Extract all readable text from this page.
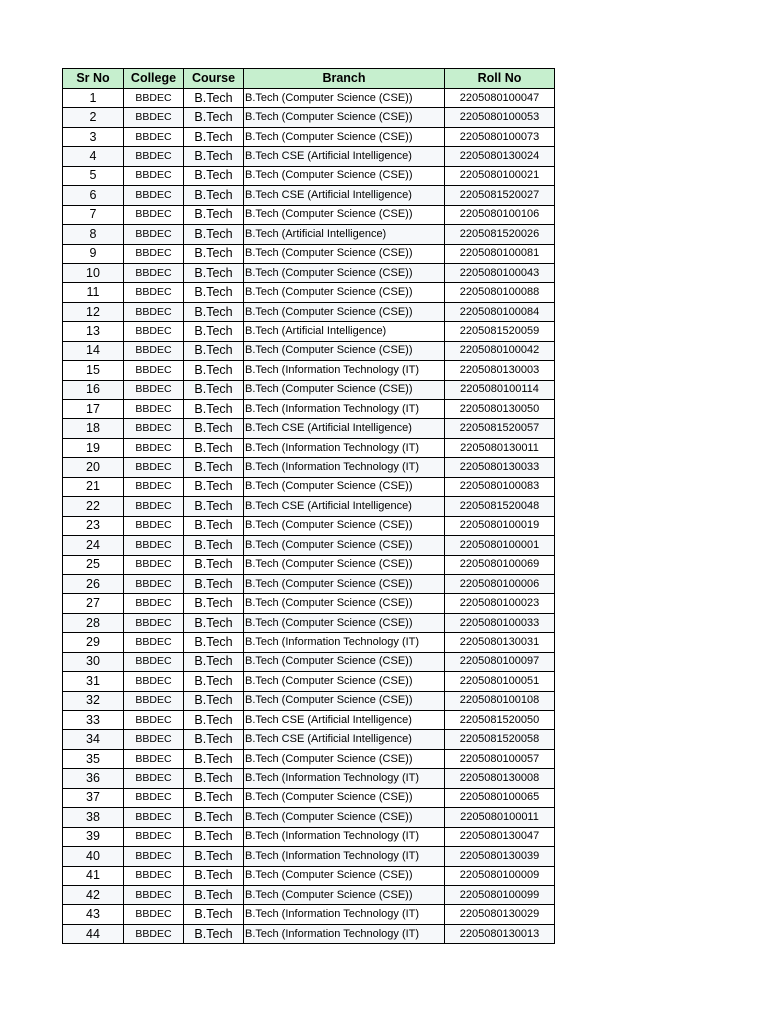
Sr No	College	Course	Branch	Roll No
1	BBDEC	B.Tech	B.Tech (Computer Science (CSE))	2205080100047
2	BBDEC	B.Tech	B.Tech (Computer Science (CSE))	2205080100053
3	BBDEC	B.Tech	B.Tech (Computer Science (CSE))	2205080100073
4	BBDEC	B.Tech	B.Tech CSE (Artificial Intelligence)	2205080130024
5	BBDEC	B.Tech	B.Tech (Computer Science (CSE))	2205080100021
6	BBDEC	B.Tech	B.Tech CSE (Artificial Intelligence)	2205081520027
7	BBDEC	B.Tech	B.Tech (Computer Science (CSE))	2205080100106
8	BBDEC	B.Tech	B.Tech (Artificial Intelligence)	2205081520026
9	BBDEC	B.Tech	B.Tech (Computer Science (CSE))	2205080100081
10	BBDEC	B.Tech	B.Tech (Computer Science (CSE))	2205080100043
11	BBDEC	B.Tech	B.Tech (Computer Science (CSE))	2205080100088
12	BBDEC	B.Tech	B.Tech (Computer Science (CSE))	2205080100084
13	BBDEC	B.Tech	B.Tech (Artificial Intelligence)	2205081520059
14	BBDEC	B.Tech	B.Tech (Computer Science (CSE))	2205080100042
15	BBDEC	B.Tech	B.Tech (Information Technology (IT)	2205080130003
16	BBDEC	B.Tech	B.Tech (Computer Science (CSE))	2205080100114
17	BBDEC	B.Tech	B.Tech (Information Technology (IT)	2205080130050
18	BBDEC	B.Tech	B.Tech CSE (Artificial Intelligence)	2205081520057
19	BBDEC	B.Tech	B.Tech (Information Technology (IT)	2205080130011
20	BBDEC	B.Tech	B.Tech (Information Technology (IT)	2205080130033
21	BBDEC	B.Tech	B.Tech (Computer Science (CSE))	2205080100083
22	BBDEC	B.Tech	B.Tech CSE (Artificial Intelligence)	2205081520048
23	BBDEC	B.Tech	B.Tech (Computer Science (CSE))	2205080100019
24	BBDEC	B.Tech	B.Tech (Computer Science (CSE))	2205080100001
25	BBDEC	B.Tech	B.Tech (Computer Science (CSE))	2205080100069
26	BBDEC	B.Tech	B.Tech (Computer Science (CSE))	2205080100006
27	BBDEC	B.Tech	B.Tech (Computer Science (CSE))	2205080100023
28	BBDEC	B.Tech	B.Tech (Computer Science (CSE))	2205080100033
29	BBDEC	B.Tech	B.Tech (Information Technology (IT)	2205080130031
30	BBDEC	B.Tech	B.Tech (Computer Science (CSE))	2205080100097
31	BBDEC	B.Tech	B.Tech (Computer Science (CSE))	2205080100051
32	BBDEC	B.Tech	B.Tech (Computer Science (CSE))	2205080100108
33	BBDEC	B.Tech	B.Tech CSE (Artificial Intelligence)	2205081520050
34	BBDEC	B.Tech	B.Tech CSE (Artificial Intelligence)	2205081520058
35	BBDEC	B.Tech	B.Tech (Computer Science (CSE))	2205080100057
36	BBDEC	B.Tech	B.Tech (Information Technology (IT)	2205080130008
37	BBDEC	B.Tech	B.Tech (Computer Science (CSE))	2205080100065
38	BBDEC	B.Tech	B.Tech (Computer Science (CSE))	2205080100011
39	BBDEC	B.Tech	B.Tech (Information Technology (IT)	2205080130047
40	BBDEC	B.Tech	B.Tech (Information Technology (IT)	2205080130039
41	BBDEC	B.Tech	B.Tech (Computer Science (CSE))	2205080100009
42	BBDEC	B.Tech	B.Tech (Computer Science (CSE))	2205080100099
43	BBDEC	B.Tech	B.Tech (Information Technology (IT)	2205080130029
44	BBDEC	B.Tech	B.Tech (Information Technology (IT)	2205080130013
